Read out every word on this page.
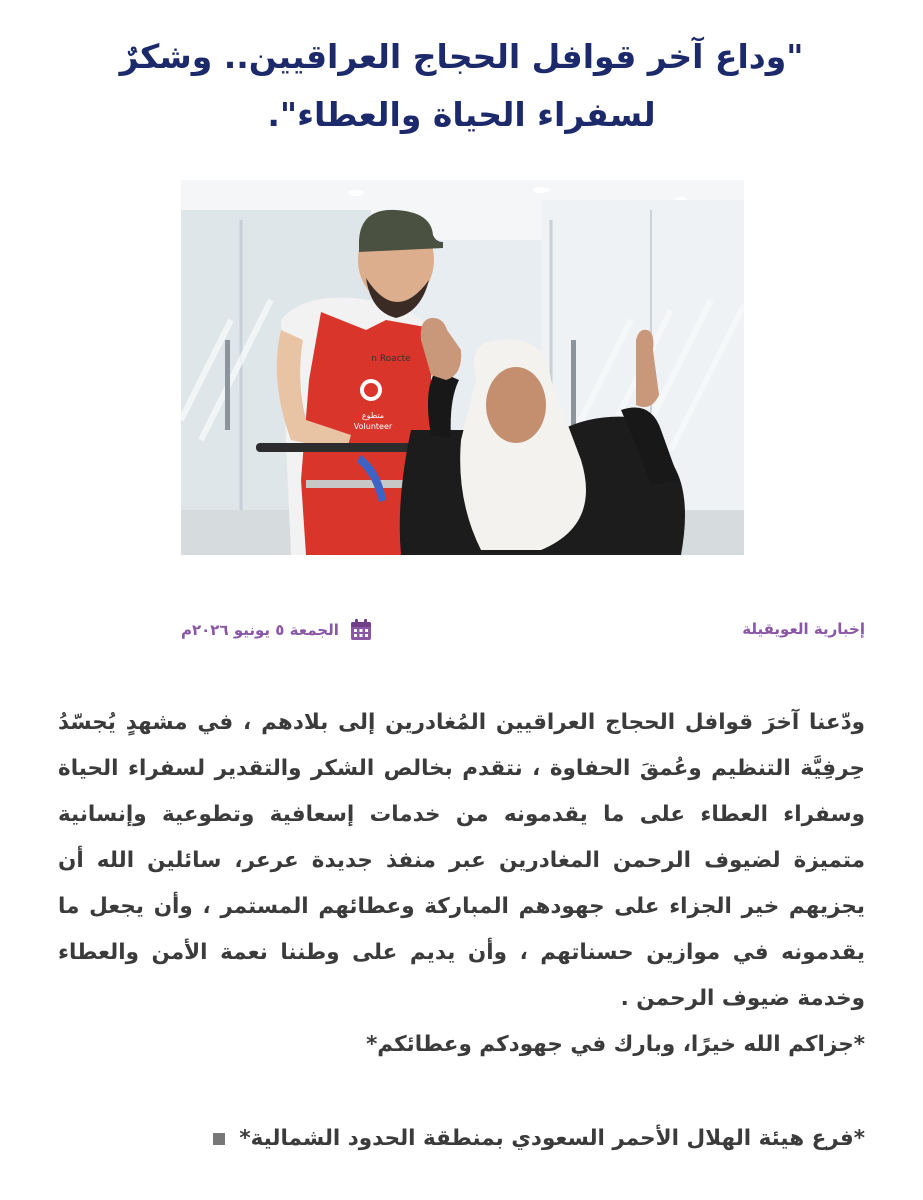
"وداع آخر قوافل الحجاج العراقيين.. وشكرٌ لسفراء الحياة والعطاء".
n Roacte
متطوع
Volunteer
إخبارية العويقيلة
الجمعة ٥ يونيو ٢٠٢٦م

ودّعنا آخرَ قوافل الحجاج العراقيين المُغادرين إلى بلادهم ، في مشهدٍ يُجسّدُ حِرفِيَّة التنظيم وعُمقَ الحفاوة ، نتقدم بخالص الشكر والتقدير لسفراء الحياة وسفراء العطاء على ما يقدمونه من خدمات إسعافية وتطوعية وإنسانية متميزة لضيوف الرحمن المغادرين عبر منفذ جديدة عرعر، سائلين الله أن يجزيهم خير الجزاء على جهودهم المباركة وعطائهم المستمر ، وأن يجعل ما يقدمونه في موازين حسناتهم ، وأن يديم على وطننا نعمة الأمن والعطاء وخدمة ضيوف الرحمن .

*جزاكم الله خيرًا، وبارك في جهودكم وعطائكم*
*فرع هيئة الهلال الأحمر السعودي بمنطقة الحدود الشمالية*
